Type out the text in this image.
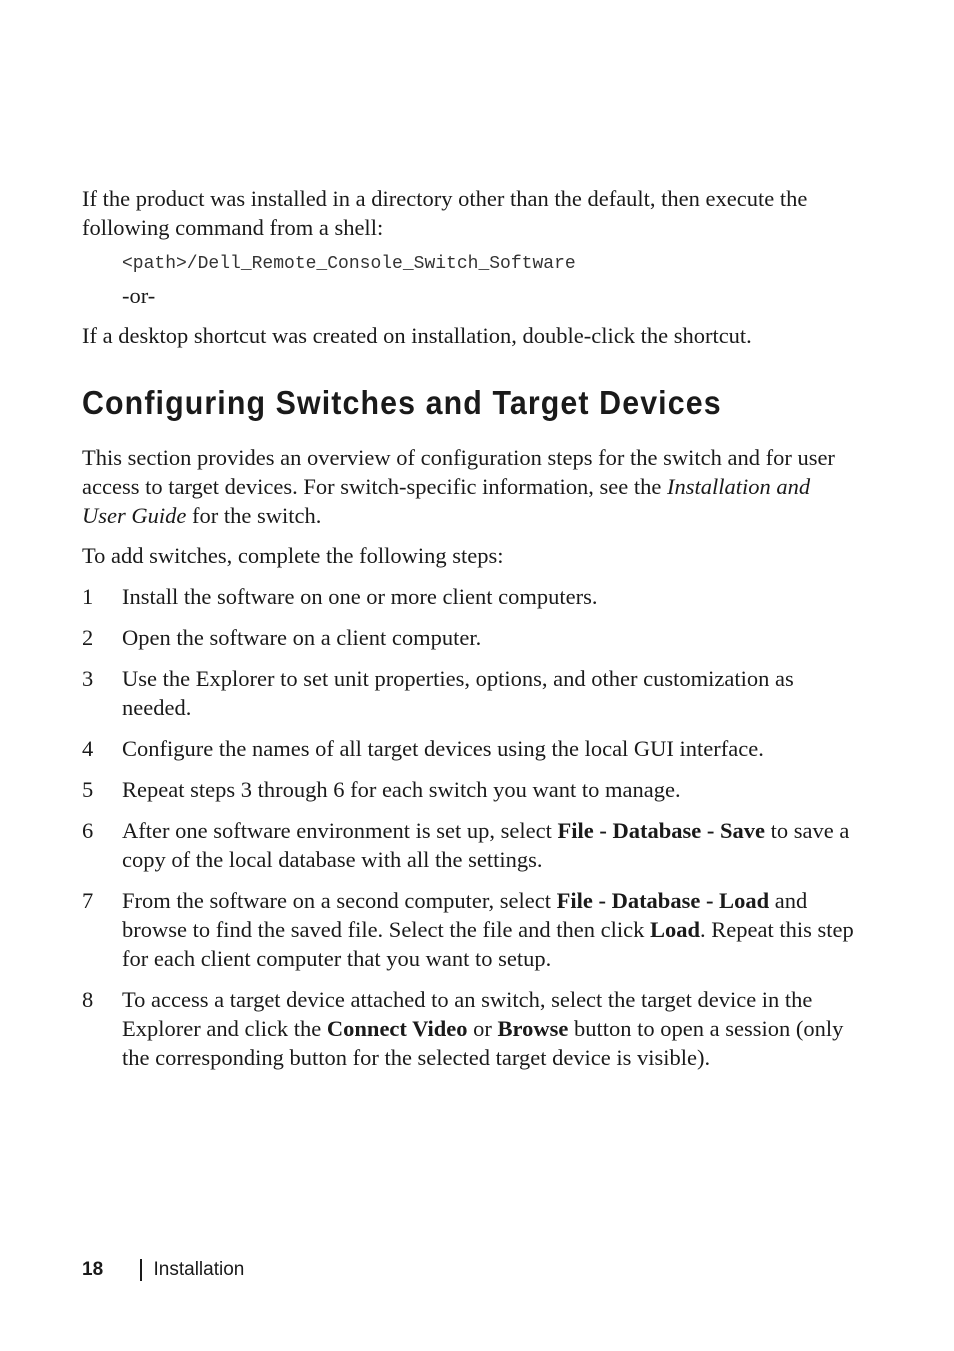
If the product was installed in a directory other than the default, then execute the following command from a shell:

<path>/Dell_Remote_Console_Switch_Software

-or-

If a desktop shortcut was created on installation, double-click the shortcut.

Configuring Switches and Target Devices

This section provides an overview of configuration steps for the switch and for user access to target devices. For switch-specific information, see the Installation and User Guide for the switch.

To add switches, complete the following steps:

1 Install the software on one or more client computers.
2 Open the software on a client computer.
3 Use the Explorer to set unit properties, options, and other customization as needed.
4 Configure the names of all target devices using the local GUI interface.
5 Repeat steps 3 through 6 for each switch you want to manage.
6 After one software environment is set up, select File - Database - Save to save a copy of the local database with all the settings.
7 From the software on a second computer, select File - Database - Load and browse to find the saved file. Select the file and then click Load. Repeat this step for each client computer that you want to setup.
8 To access a target device attached to an switch, select the target device in the Explorer and click the Connect Video or Browse button to open a session (only the corresponding button for the selected target device is visible).
18	Installation
